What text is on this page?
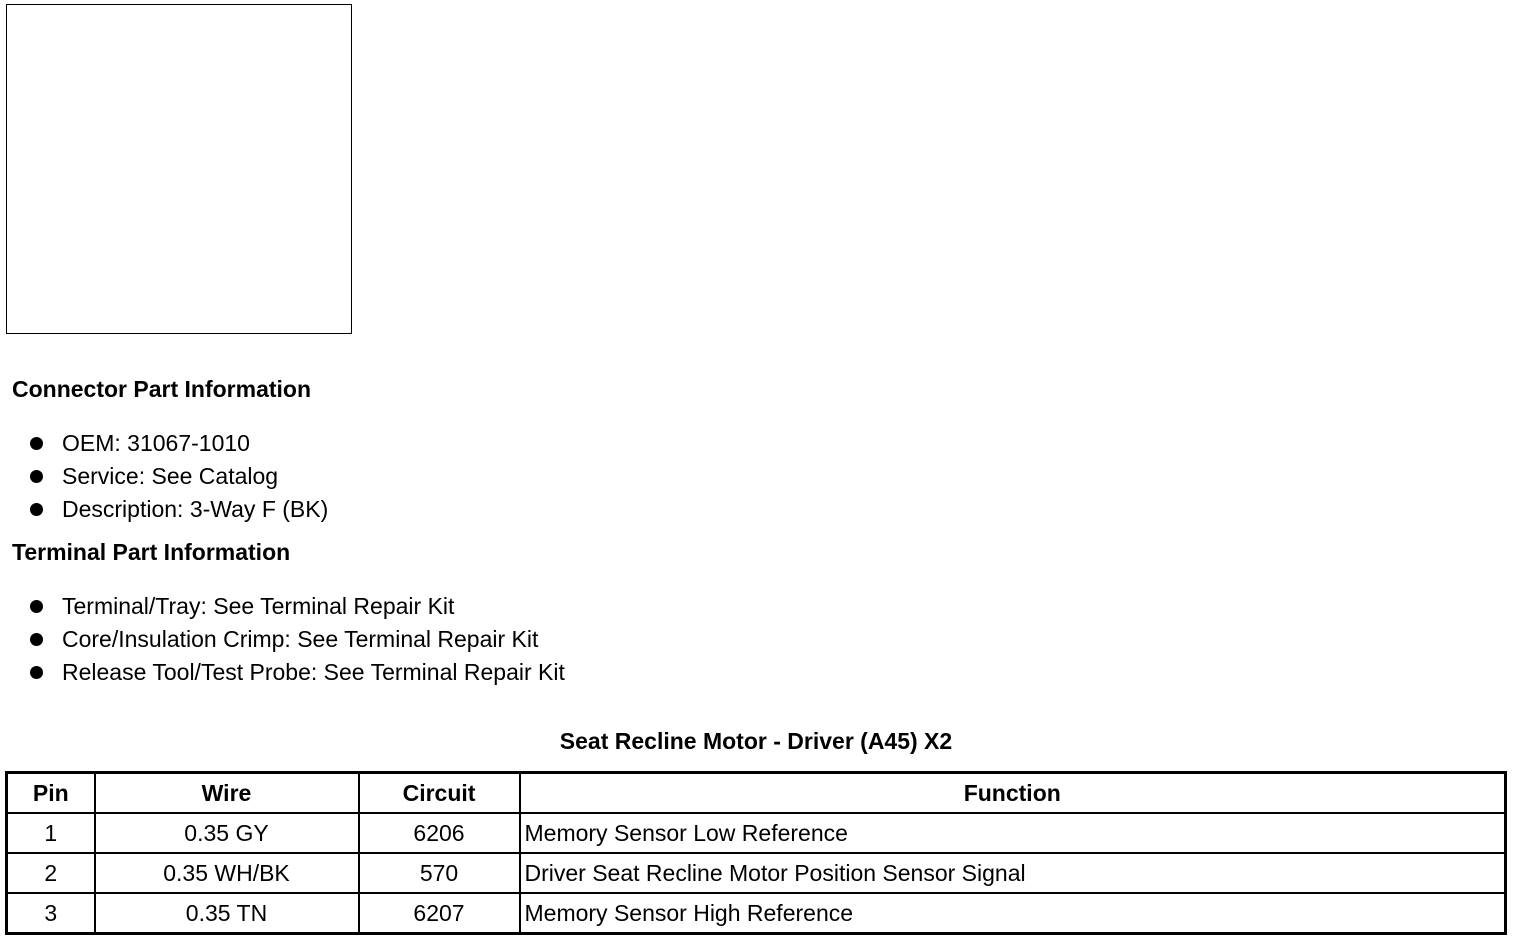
Connector Part Information
OEM: 31067-1010
Service: See Catalog
Description: 3-Way F (BK)
Terminal Part Information
Terminal/Tray: See Terminal Repair Kit
Core/Insulation Crimp: See Terminal Repair Kit
Release Tool/Test Probe: See Terminal Repair Kit
Seat Recline Motor - Driver (A45) X2
Pin	Wire	Circuit	Function
1	0.35 GY	6206	Memory Sensor Low Reference
2	0.35 WH/BK	570	Driver Seat Recline Motor Position Sensor Signal
3	0.35 TN	6207	Memory Sensor High Reference
